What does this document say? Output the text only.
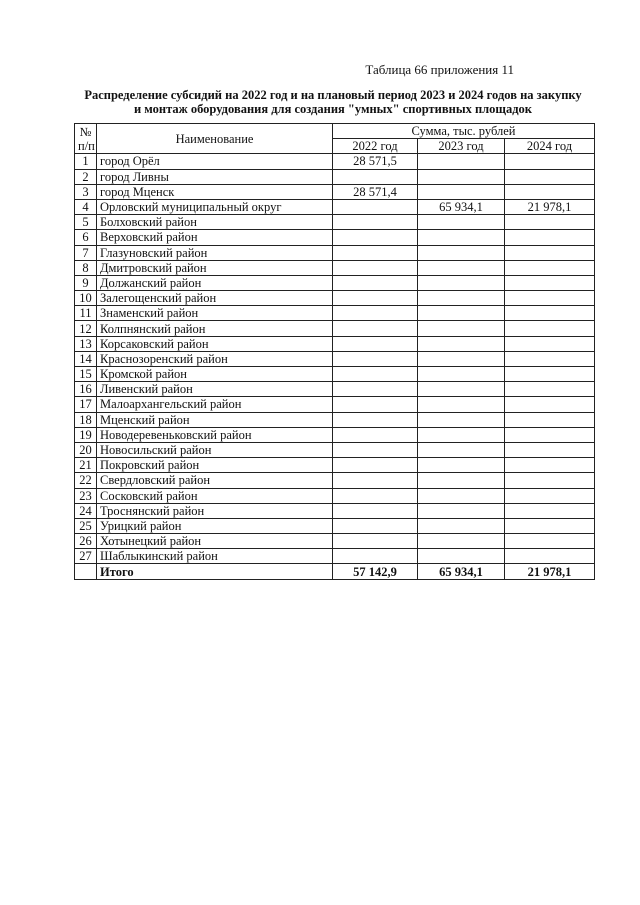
Таблица 66 приложения 11
Распределение субсидий на 2022 год и на плановый период 2023 и 2024 годов на закупку
и монтаж оборудования для создания "умных" спортивных площадок
№
п/п	Наименование	Сумма, тыс. рублей		
		2022 год	2023 год	2024 год
1	город Орёл	28 571,5		
2	город Ливны			
3	город Мценск	28 571,4		
4	Орловский муниципальный округ		65 934,1	21 978,1
5	Болховский район			
6	Верховский район			
7	Глазуновский район			
8	Дмитровский район			
9	Должанский район			
10	Залегощенский район			
11	Знаменский район			
12	Колпнянский район			
13	Корсаковский район			
14	Краснозоренский район			
15	Кромской район			
16	Ливенский район			
17	Малоархангельский район			
18	Мценский район			
19	Новодеревеньковский район			
20	Новосильский район			
21	Покровский район			
22	Свердловский район			
23	Сосковский район			
24	Троснянский район			
25	Урицкий район			
26	Хотынецкий район			
27	Шаблыкинский район			
	Итого	57 142,9	65 934,1	21 978,1
